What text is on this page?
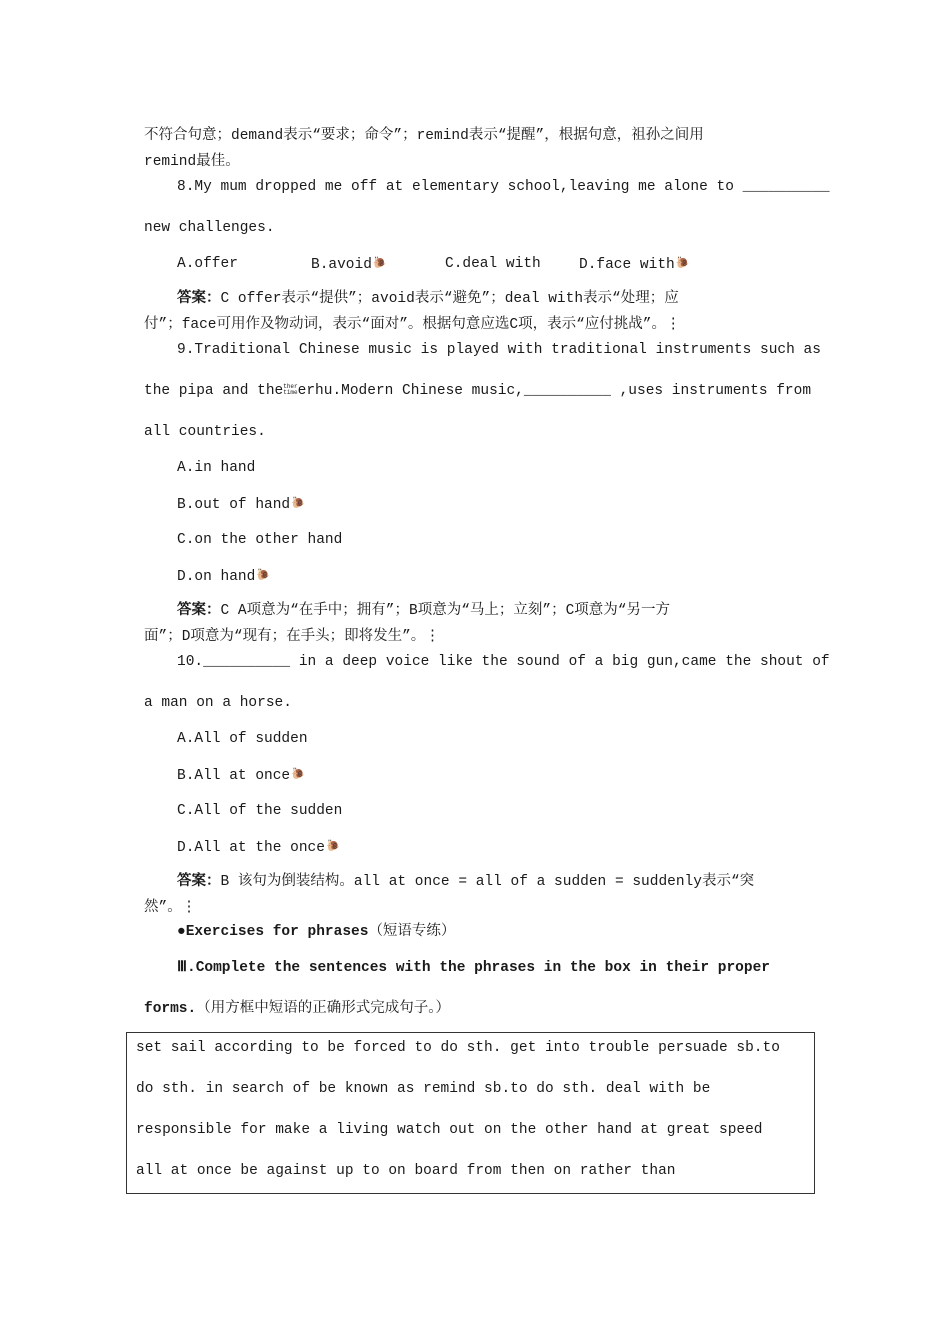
不符合句意；demand表示“要求；命令”；remind表示“提醒”，根据句意，祖孙之间用
remind最佳。
8.My mum dropped me off at elementary school,leaving me alone to __________
new challenges.
A.offer	B.avoid🐌	C.deal with	D.face with🐌
答案：C offer表示“提供”；avoid表示“避免”；deal with表示“处理；应
付”；face可用作及物动词，表示“面对”。根据句意应选C项，表示“应付挑战”。⋮
9.Traditional Chinese music is played with traditional instruments such as
the pipa and thether
timeerhu.Modern Chinese music,__________ ,uses instruments from
all countries.
A.in hand
B.out of hand🐌
C.on the other hand
D.on hand🐌
答案：C A项意为“在手中；拥有”；B项意为“马上；立刻”；C项意为“另一方
面”；D项意为“现有；在手头；即将发生”。⋮
10.__________ in a deep voice like the sound of a big gun,came the shout of
a man on a horse.
A.All of sudden
B.All at once🐌
C.All of the sudden
D.All at the once🐌
答案：B 该句为倒装结构。all at once = all of a sudden = suddenly表示“突
然”。⋮
●Exercises for phrases（短语专练）
Ⅲ.Complete the sentences with the phrases in the box in their proper
forms.（用方框中短语的正确形式完成句子。）
set sail according to be forced to do sth. get into trouble persuade sb.to
do sth. in search of be known as remind sb.to do sth. deal with be
responsible for make a living watch out on the other hand at great speed
all at once be against up to on board from then on rather than
